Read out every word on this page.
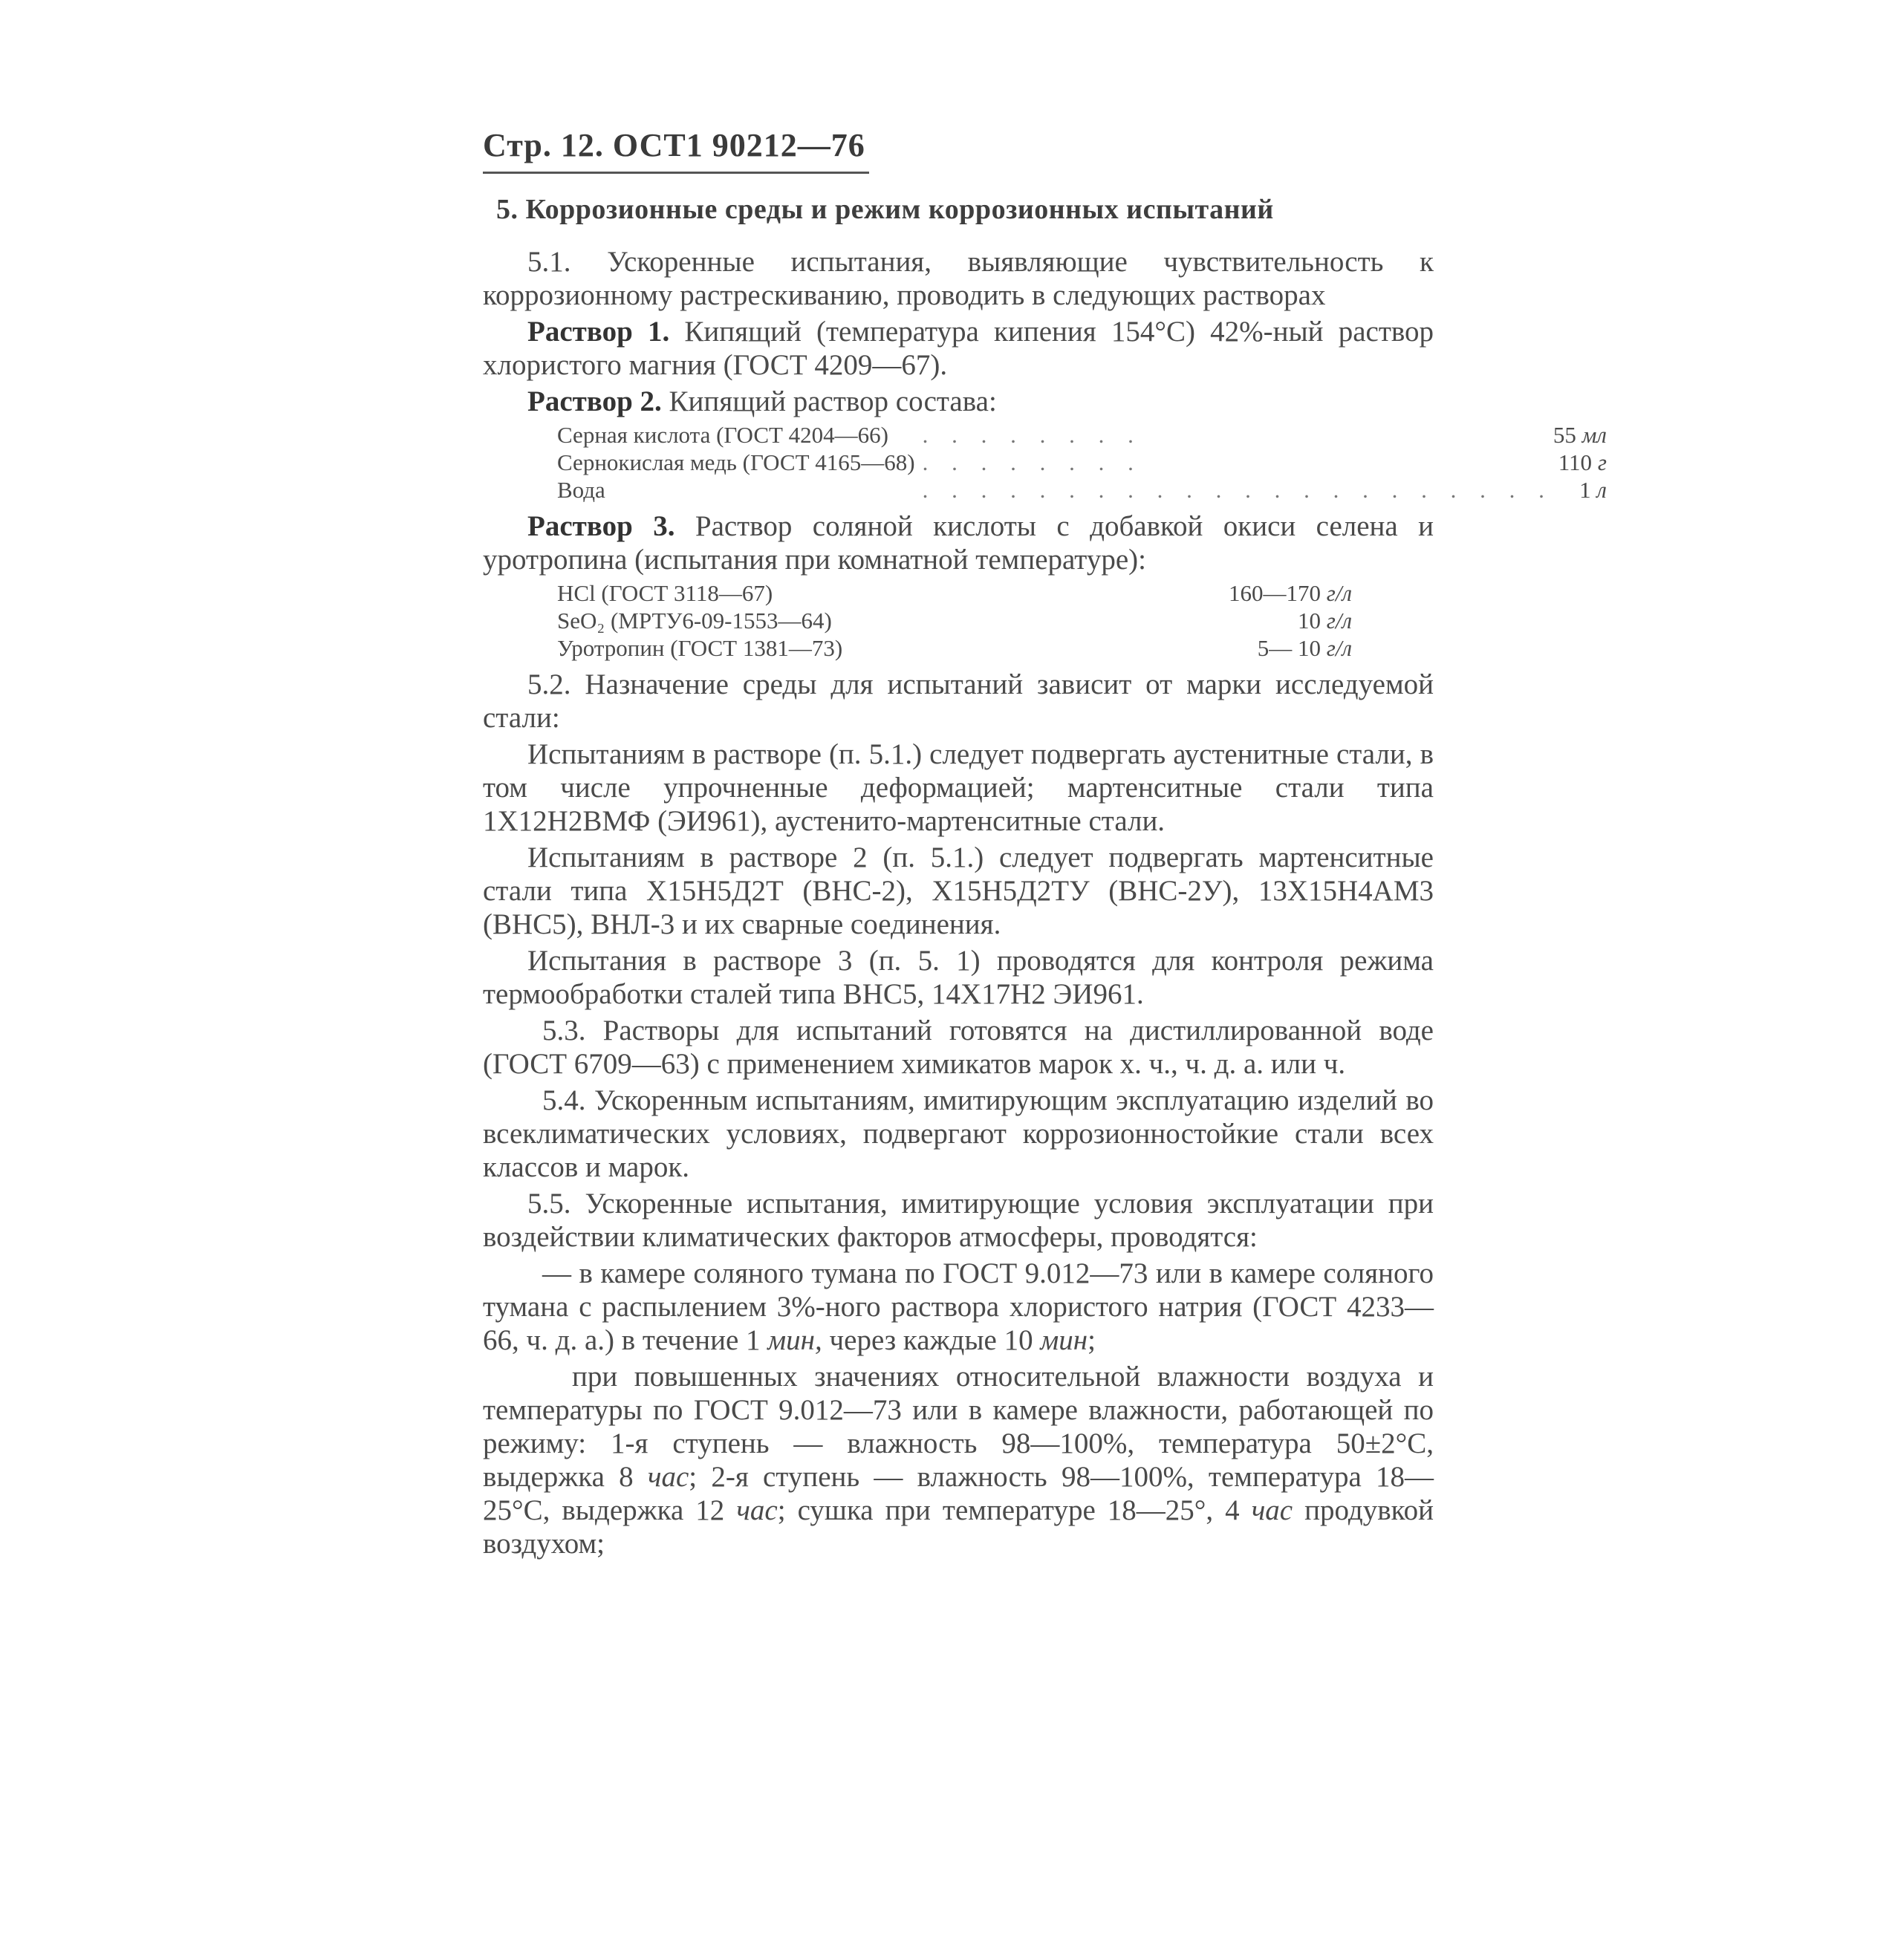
Стр. 12. ОСТ1 90212—76
5. Коррозионные среды и режим коррозионных испытаний

5.1. Ускоренные испытания, выявляющие чувствительность к коррозионному растрескиванию, проводить в следующих растворах

Раствор 1. Кипящий (температура кипения 154°С) 42%-ный раствор хлористого магния (ГОСТ 4209—67).

Раствор 2. Кипящий раствор состава:

Серная кислота (ГОСТ 4204—66)	. . . . . . . .	55 мл
Сернокислая медь (ГОСТ 4165—68)	. . . . . . . .	110 г
Вода	. . . . . . . . . . . . . . . . . . . . . .	1 л

Раствор 3. Раствор соляной кислоты с добавкой окиси селена и уротропина (испытания при комнатной температуре):

HCl (ГОСТ 3118—67)	160—170 г/л
SeO₂ (МРТУ6-09-1553—64)	10 г/л
Уротропин (ГОСТ 1381—73)	5— 10 г/л

5.2. Назначение среды для испытаний зависит от марки исследуемой стали:

Испытаниям в растворе (п. 5.1.) следует подвергать аустенитные стали, в том числе упрочненные деформацией; мартенситные стали типа 1Х12Н2ВМФ (ЭИ961), аустенито-мартенситные стали.

Испытаниям в растворе 2 (п. 5.1.) следует подвергать мартенситные стали типа Х15Н5Д2Т (ВНС-2), Х15Н5Д2ТУ (ВНС-2У), 13Х15Н4АМ3 (ВНС5), ВНЛ-3 и их сварные соединения.

Испытания в растворе 3 (п. 5. 1) проводятся для контроля режима термообработки сталей типа ВНС5, 14Х17Н2 ЭИ961.

5.3. Растворы для испытаний готовятся на дистиллированной воде (ГОСТ 6709—63) с применением химикатов марок х. ч., ч. д. а. или ч.

5.4. Ускоренным испытаниям, имитирующим эксплуатацию изделий во всеклиматических условиях, подвергают коррозионностойкие стали всех классов и марок.

5.5. Ускоренные испытания, имитирующие условия эксплуатации при воздействии климатических факторов атмосферы, проводятся:

— в камере соляного тумана по ГОСТ 9.012—73 или в камере соляного тумана с распылением 3%-ного раствора хлористого натрия (ГОСТ 4233—66, ч. д. а.) в течение 1 мин, через каждые 10 мин;

при повышенных значениях относительной влажности воздуха и температуры по ГОСТ 9.012—73 или в камере влажности, работающей по режиму: 1-я ступень — влажность 98—100%, температура 50±2°С, выдержка 8 час; 2-я ступень — влажность 98—100%, температура 18—25°С, выдержка 12 час; сушка при температуре 18—25°, 4 час продувкой воздухом;
